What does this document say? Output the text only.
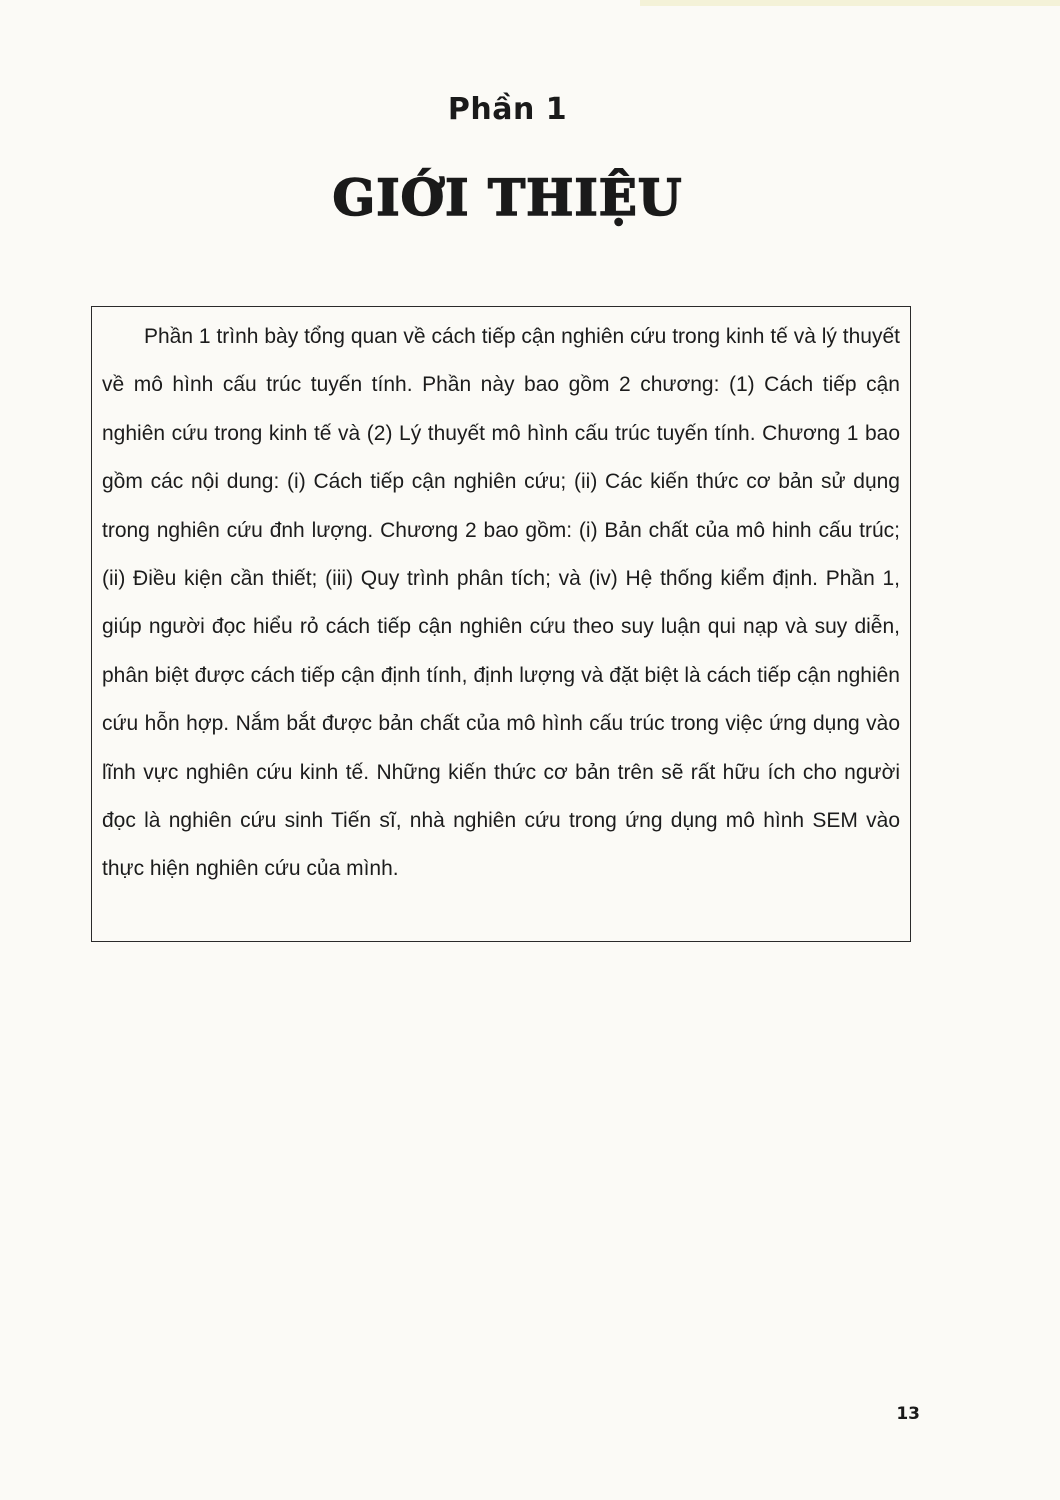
Phần 1
GIỚI THIỆU

Phần 1 trình bày tổng quan về cách tiếp cận nghiên cứu trong kinh tế và lý thuyết về mô hình cấu trúc tuyến tính. Phần này bao gồm 2 chương: (1) Cách tiếp cận nghiên cứu trong kinh tế và (2) Lý thuyết mô hình cấu trúc tuyến tính. Chương 1 bao gồm các nội dung: (i) Cách tiếp cận nghiên cứu; (ii) Các kiến thức cơ bản sử dụng trong nghiên cứu đnh lượng. Chương 2 bao gồm: (i) Bản chất của mô hinh cấu trúc; (ii) Điều kiện cần thiết; (iii) Quy trình phân tích; và (iv) Hệ thống kiểm định. Phần 1, giúp người đọc hiểu rỏ cách tiếp cận nghiên cứu theo suy luận qui nạp và suy diễn, phân biệt được cách tiếp cận định tính, định lượng và đặt biệt là cách tiếp cận nghiên cứu hỗn hợp. Nắm bắt được bản chất của mô hình cấu trúc trong việc ứng dụng vào lĩnh vực nghiên cứu kinh tế. Những kiến thức cơ bản trên sẽ rất hữu ích cho người đọc là nghiên cứu sinh Tiến sĩ, nhà nghiên cứu trong ứng dụng mô hình SEM vào thực hiện nghiên cứu của mình.

13
